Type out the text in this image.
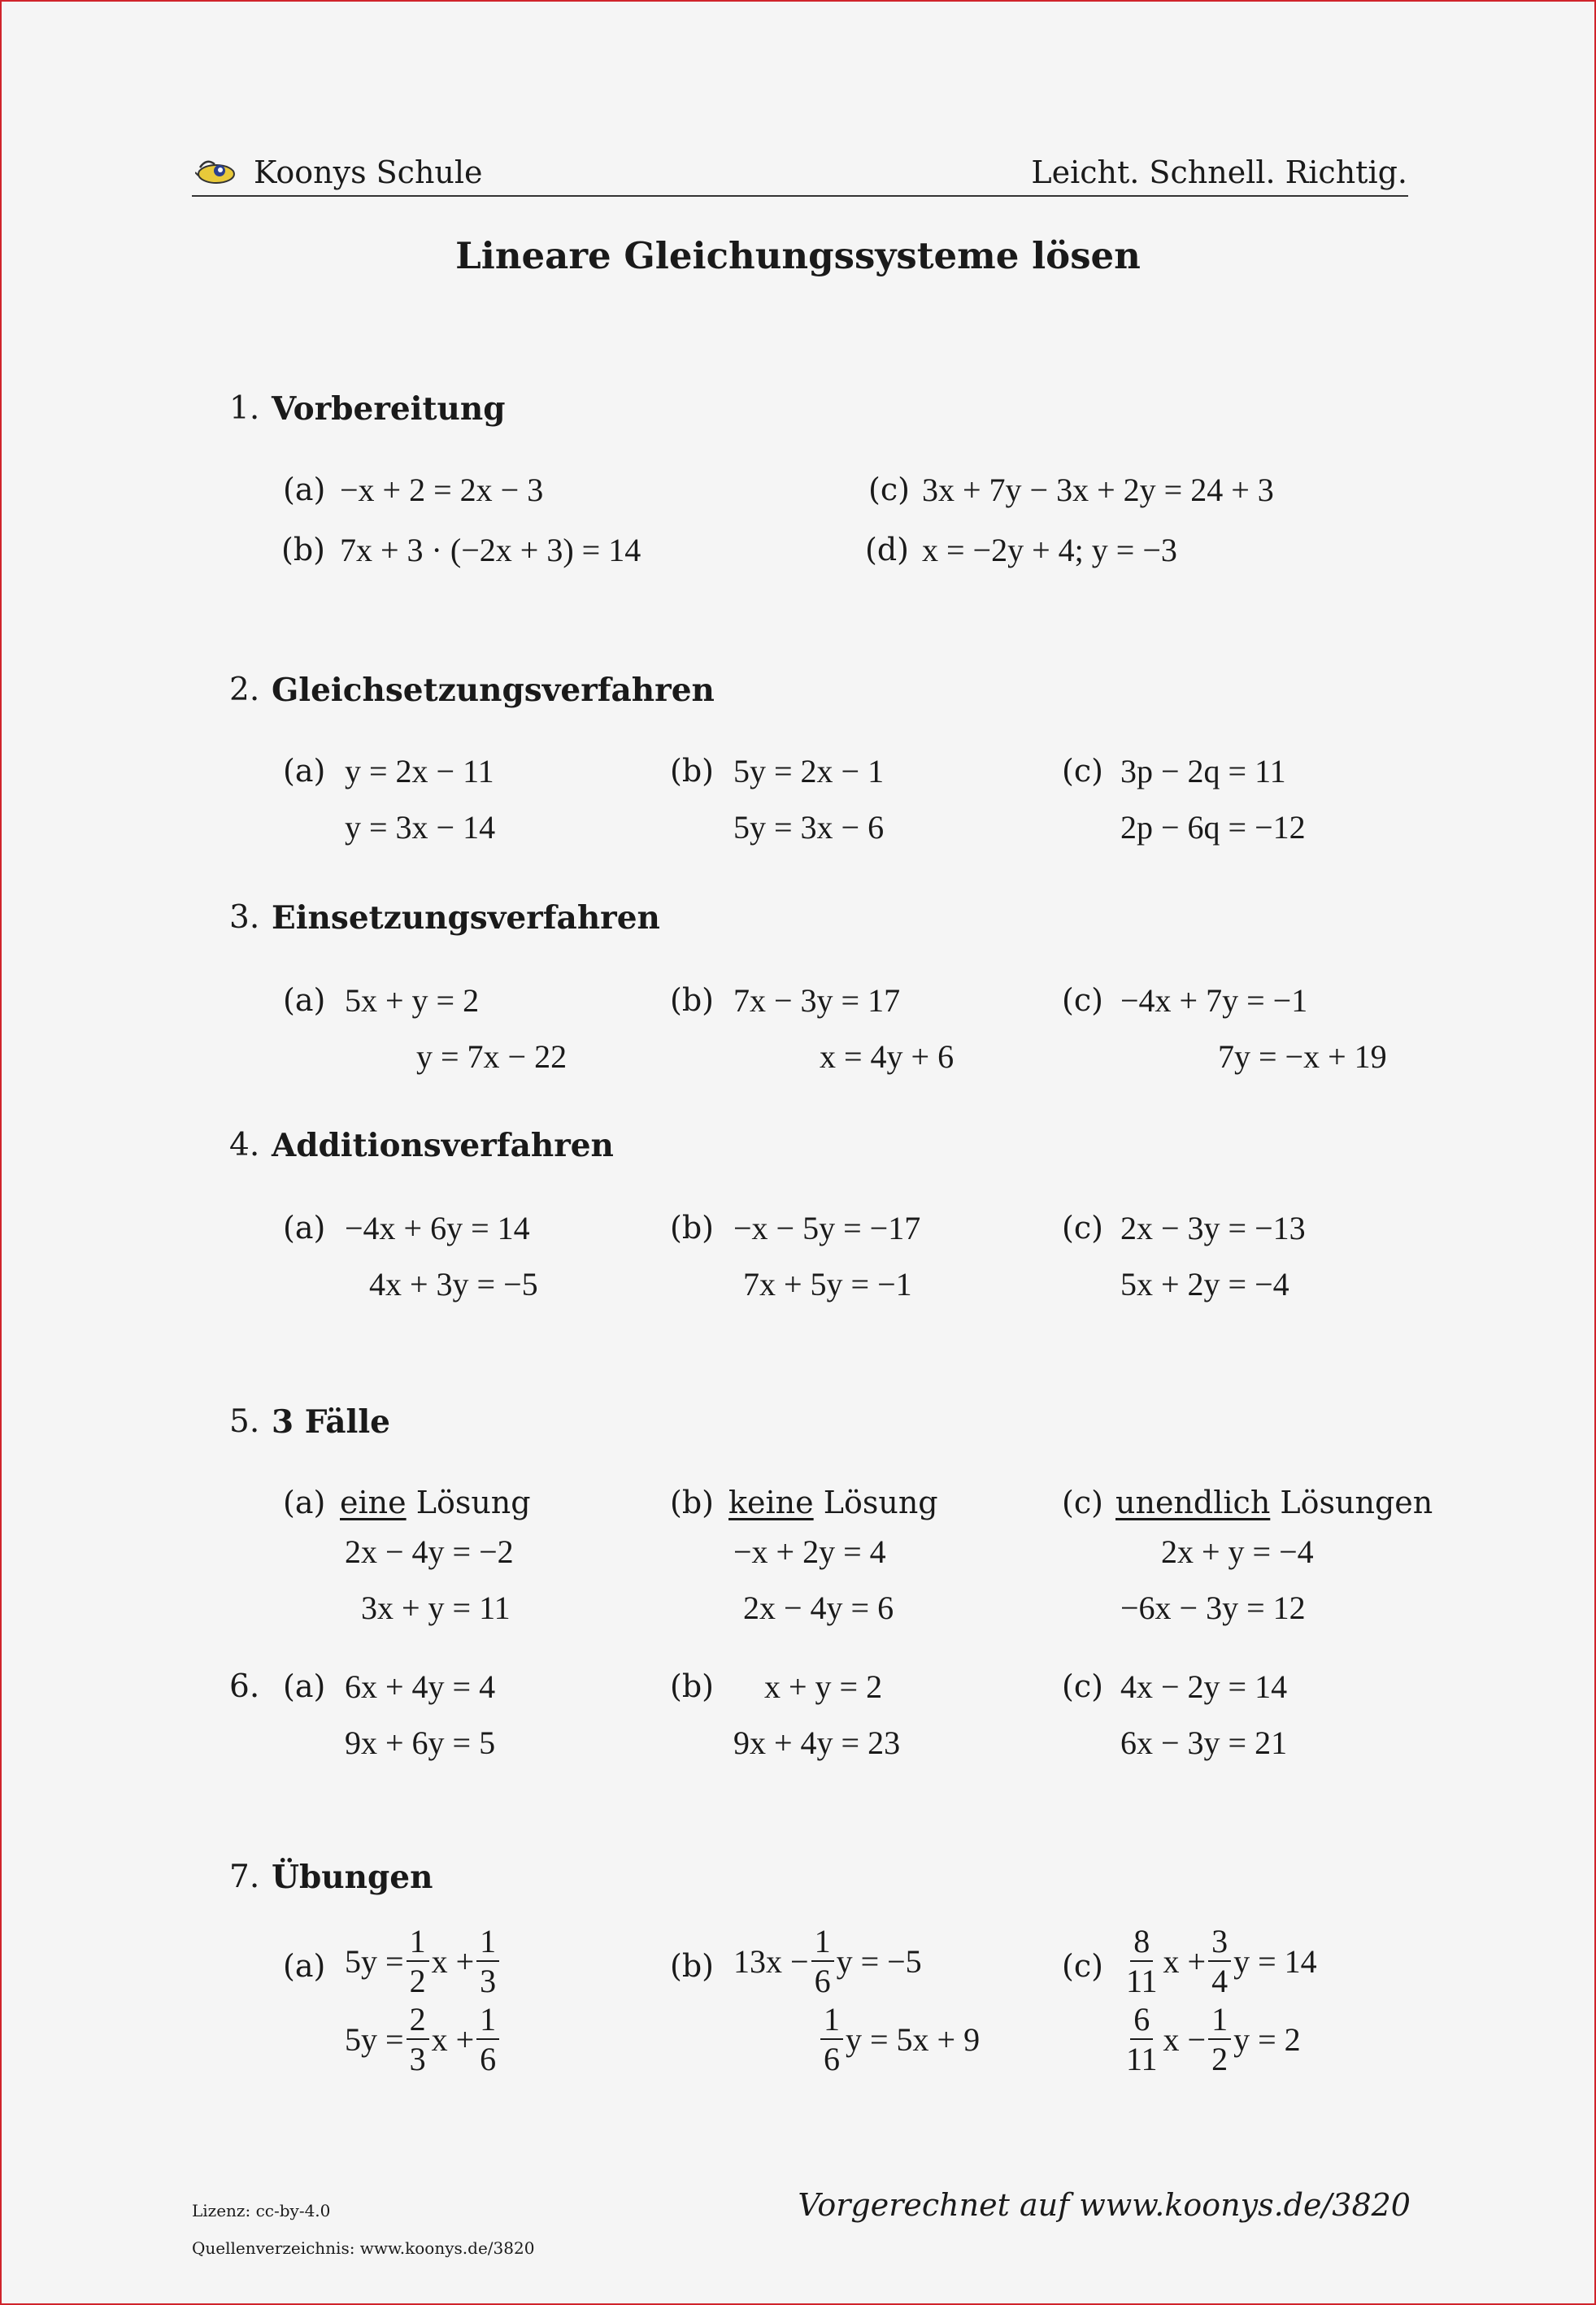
Koonys Schule	Leicht. Schnell. Richtig.
Lineare Gleichungssysteme lösen
1. Vorbereitung
(a) −x + 2 = 2x − 3
(b) 7x + 3 · (−2x + 3) = 14
(c) 3x + 7y − 3x + 2y = 24 + 3
(d) x = −2y + 4; y = −3
2. Gleichsetzungsverfahren
(a) y = 2x − 11
y = 3x − 14
(b) 5y = 2x − 1
5y = 3x − 6
(c) 3p − 2q = 11
2p − 6q = −12
3. Einsetzungsverfahren
(a) 5x + y = 2
y = 7x − 22
(b) 7x − 3y = 17
x = 4y + 6
(c) −4x + 7y = −1
7y = −x + 19
4. Additionsverfahren
(a) −4x + 6y = 14
4x + 3y = −5
(b) −x − 5y = −17
7x + 5y = −1
(c) 2x − 3y = −13
5x + 2y = −4
5. 3 Fälle
(a) eine Lösung
2x − 4y = −2
3x + y = 11
(b) keine Lösung
−x + 2y = 4
2x − 4y = 6
(c) unendlich Lösungen
2x + y = −4
−6x − 3y = 12
6. (a) 6x + 4y = 4
9x + 6y = 5
(b) x + y = 2
9x + 4y = 23
(c) 4x − 2y = 14
6x − 3y = 21
7. Übungen
(a) $5y = \frac{1}{2}$ $x + \frac{1}{3}$
$5y = \frac{2}{3}$ $x + \frac{1}{6}$
(b) $13x - \frac{1}{6}$ y = −5
$\frac{1}{6}$ y = 5x + 9
$(c) \frac{8}{11}$ $x + \frac{3}{4}$ y = 14
$\frac{6}{11}$ $x - \frac{1}{2}$ y = 2
Lizenz: cc-by-4.0
Quellenverzeichnis: www.koonys.de/3820
Vorgerechnet auf www.koonys.de/3820
